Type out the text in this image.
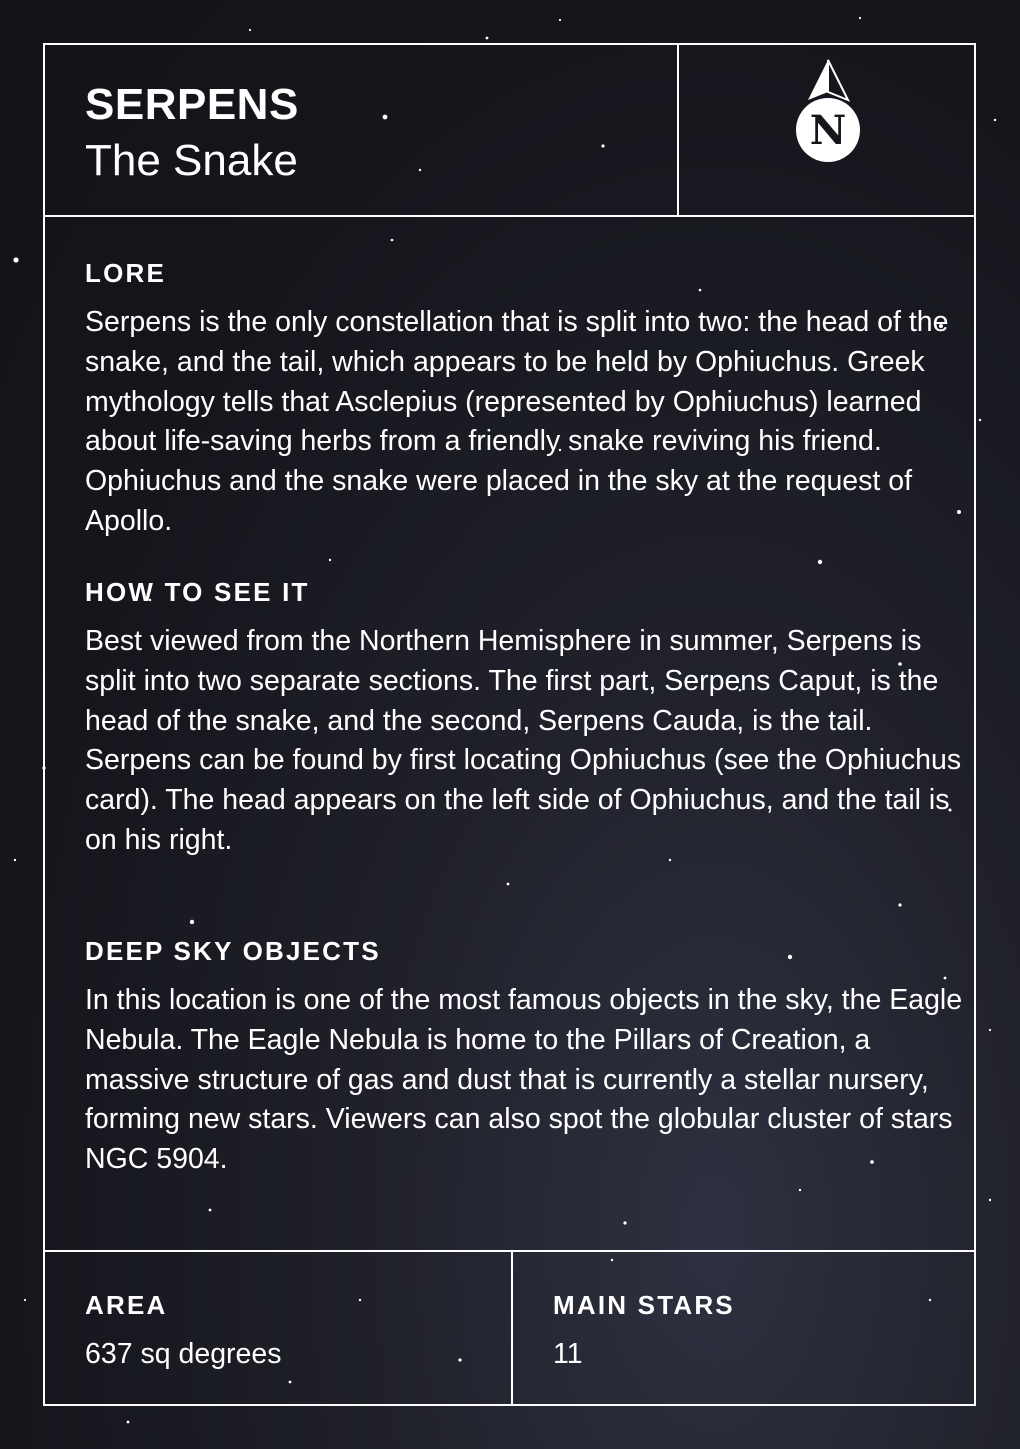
SERPENS
The Snake
N
LORE

Serpens is the only constellation that is split into two: the head of the snake, and the tail, which appears to be held by Ophiuchus. Greek mythology tells that Asclepius (represented by Ophiuchus) learned about life-saving herbs from a friendly snake reviving his friend. Ophiuchus and the snake were placed in the sky at the request of Apollo.

HOW TO SEE IT

Best viewed from the Northern Hemisphere in summer, Serpens is split into two separate sections. The first part, Serpens Caput, is the head of the snake, and the second, Serpens Cauda, is the tail. Serpens can be found by first locating Ophiuchus (see the Ophiuchus card). The head appears on the left side of Ophiuchus, and the tail is on his right.

DEEP SKY OBJECTS

In this location is one of the most famous objects in the sky, the Eagle Nebula. The Eagle Nebula is home to the Pillars of Creation, a massive structure of gas and dust that is currently a stellar nursery, forming new stars. Viewers can also spot the globular cluster of stars NGC 5904.

AREA

637 sq degrees

MAIN STARS

11
